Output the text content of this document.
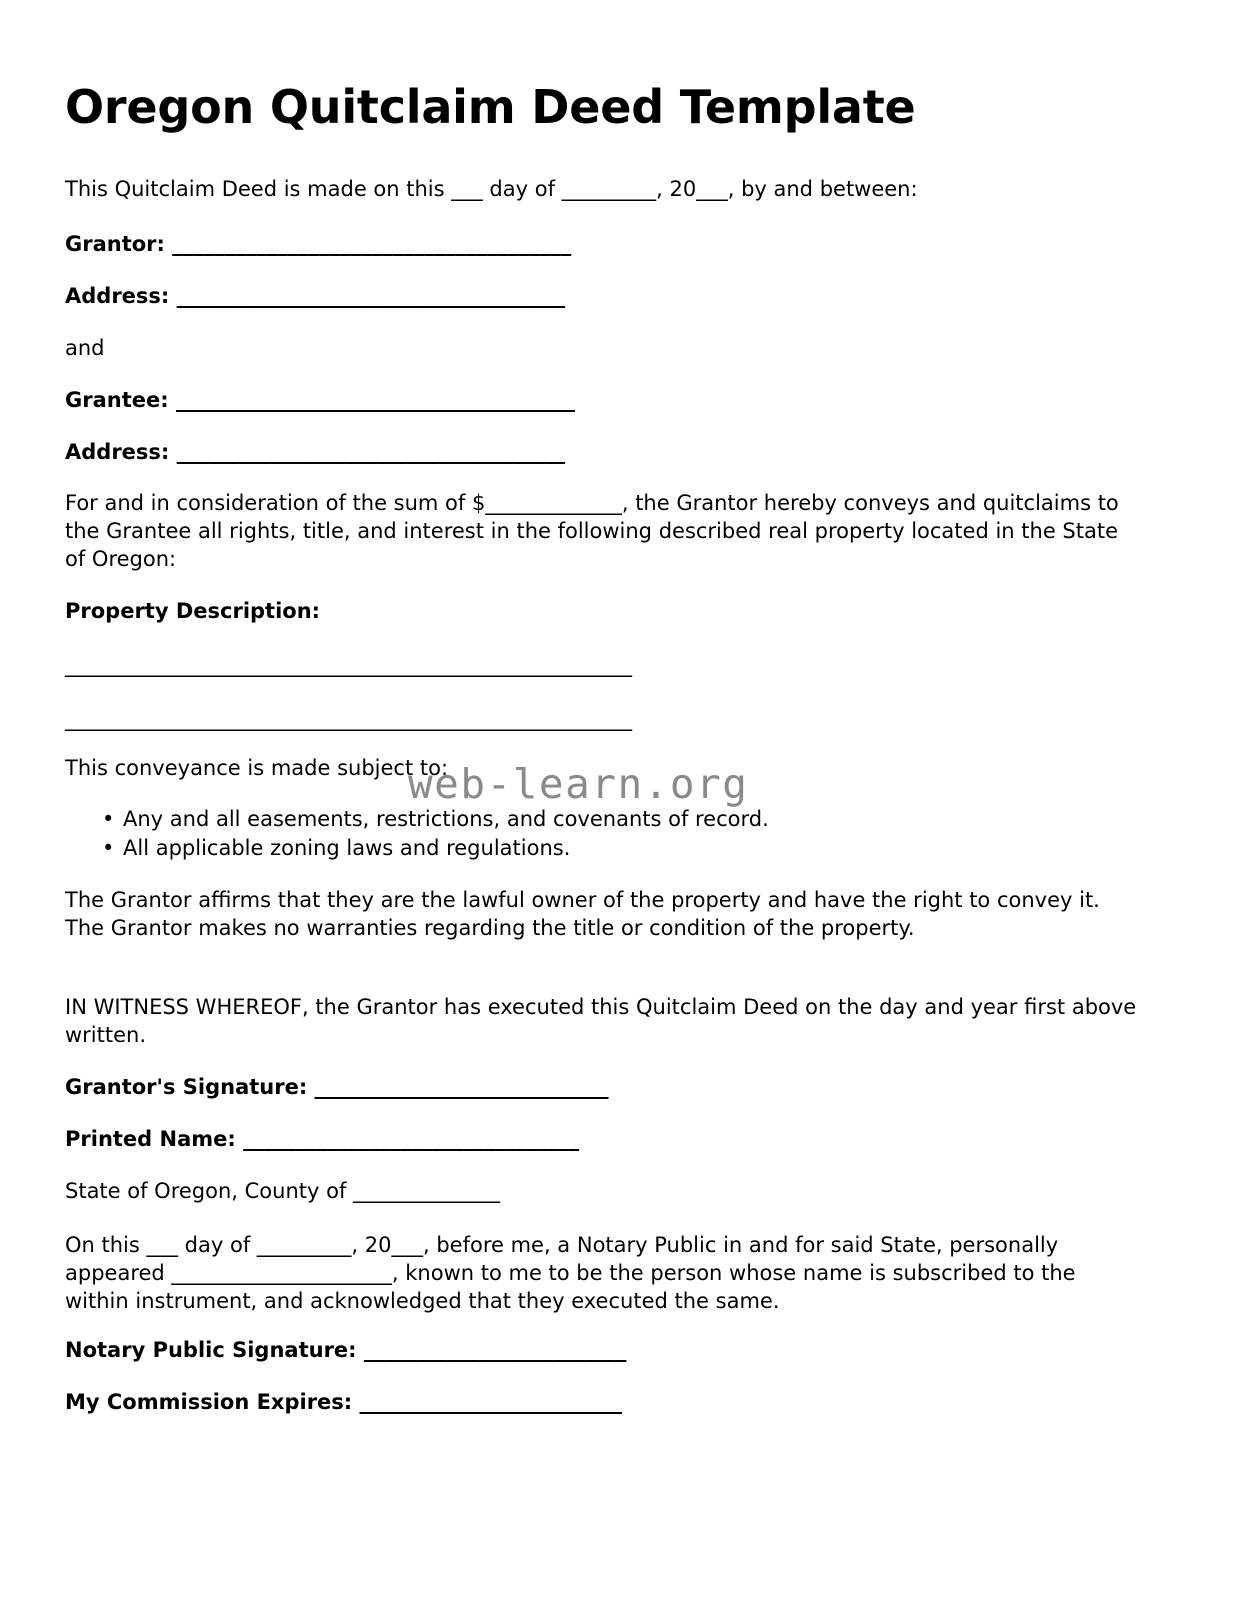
Oregon Quitclaim Deed Template

This Quitclaim Deed is made on this ___ day of _________, 20___, by and between:

Grantor: ______________________________________

Address: _____________________________________

and

Grantee: ______________________________________

Address: _____________________________________

For and in consideration of the sum of $_____________, the Grantor hereby conveys and quitclaims to the Grantee all rights, title, and interest in the following described real property located in the State of Oregon:

Property Description:

______________________________________________________

______________________________________________________

This conveyance is made subject to:

• Any and all easements, restrictions, and covenants of record.
• All applicable zoning laws and regulations.

The Grantor affirms that they are the lawful owner of the property and have the right to convey it. The Grantor makes no warranties regarding the title or condition of the property.

IN WITNESS WHEREOF, the Grantor has executed this Quitclaim Deed on the day and year first above written.

Grantor's Signature: ____________________________

Printed Name: ________________________________

State of Oregon, County of ______________

On this ___ day of _________, 20___, before me, a Notary Public in and for said State, personally appeared _____________________, known to me to be the person whose name is subscribed to the within instrument, and acknowledged that they executed the same.

Notary Public Signature: _________________________

My Commission Expires: _________________________

web-learn.org
